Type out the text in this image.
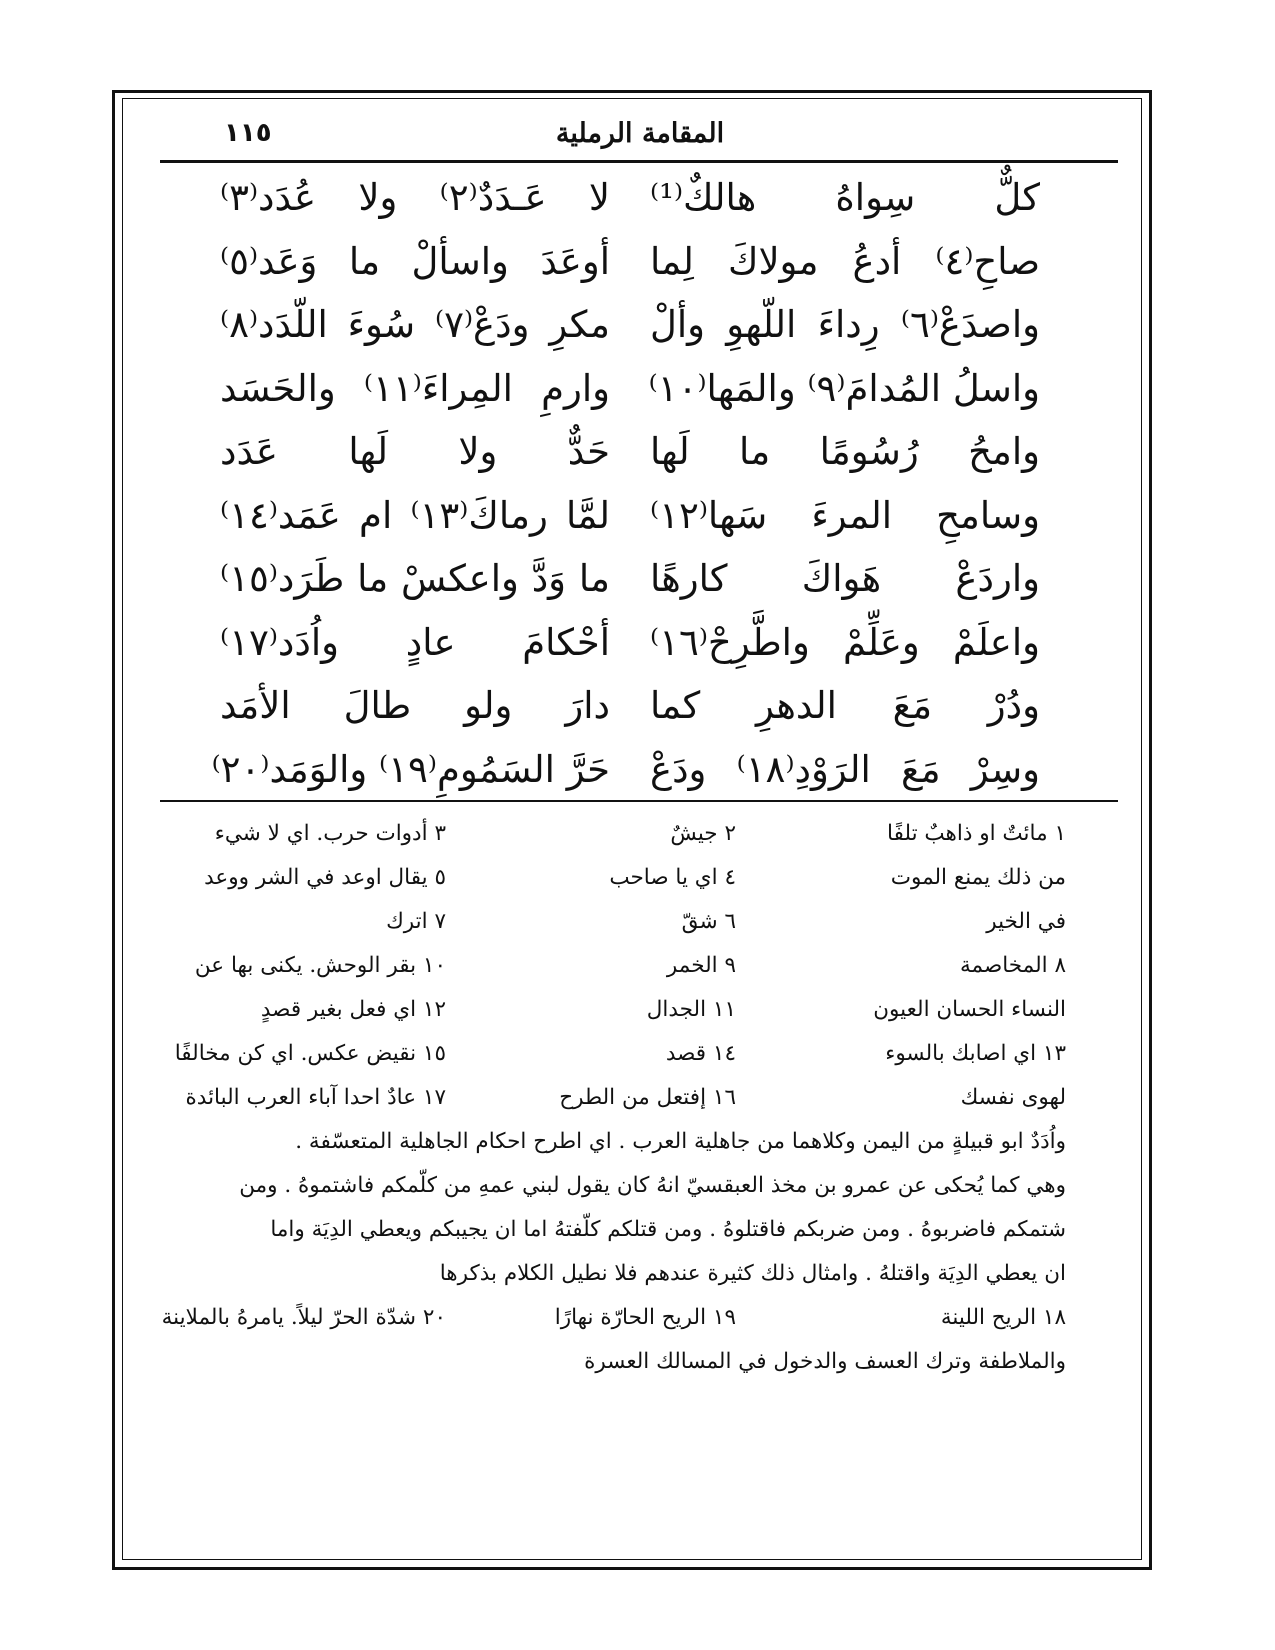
المقامة الرملية
١١٥
كلٌّ سِواهُ هالكٌ⁽¹⁾
لا عَـدَدٌ⁽٢⁾ ولا عُدَد⁽٣⁾
صاحِ⁽٤⁾ أدعُ مولاكَ لِما
أوعَدَ واسألْ ما وَعَد⁽٥⁾
واصدَعْ⁽٦⁾ رِداءَ اللّهوِ وألْ
مكرِ ودَعْ⁽٧⁾ سُوءَ اللّدَد⁽٨⁾
واسلُ المُدامَ⁽٩⁾ والمَها⁽١٠⁾
وارمِ المِراءَ⁽١١⁾ والحَسَد
وامحُ رُسُومًا ما لَها
حَدٌّ ولا لَها عَدَد
وسامحِ المرءَ سَها⁽١٢⁾
لمَّا رماكَ⁽١٣⁾ ام عَمَد⁽١٤⁾
واردَعْ هَواكَ كارهًا
ما وَدَّ واعكسْ ما طَرَد⁽١٥⁾
واعلَمْ وعَلِّمْ واطَّرِحْ⁽١٦⁾
أحْكامَ عادٍ واُدَد⁽١٧⁾
ودُرْ مَعَ الدهرِ كما
دارَ ولو طالَ الأمَد
وسِرْ مَعَ الرَوْدِ⁽١٨⁾ ودَعْ
حَرَّ السَمُومِ⁽١٩⁾ والوَمَد⁽٢٠⁾
١ مائتٌ او ذاهبٌ تلفًا
٢ جيشٌ
٣ أدوات حرب. اي لا شيء
من ذلك يمنع الموت
٤ اي يا صاحب
٥ يقال اوعد في الشر ووعد
في الخير
٦ شقّ
٧ اترك
٨ المخاصمة
٩ الخمر
١٠ بقر الوحش. يكنى بها عن
النساء الحسان العيون
١١ الجدال
١٢ اي فعل بغير قصدٍ
١٣ اي اصابك بالسوء
١٤ قصد
١٥ نقيض عكس. اي كن مخالفًا
لهوى نفسك
١٦ إفتعل من الطرح
١٧ عادٌ احدا آباء العرب البائدة
واُدَدٌ ابو قبيلةٍ من اليمن وكلاهما من جاهلية العرب . اي اطرح احكام الجاهلية المتعسّفة .
وهي كما يُحكى عن عمرو بن مخذ العبقسيّ انهُ كان يقول لبني عمهِ من كلّمكم فاشتموهُ . ومن
شتمكم فاضربوهُ . ومن ضربكم فاقتلوهُ . ومن قتلكم كلّفتهُ اما ان يجيبكم ويعطي الدِيَة واما
ان يعطي الدِيَة واقتلهُ . وامثال ذلك كثيرة عندهم فلا نطيل الكلام بذكرها
١٨ الريح اللينة
١٩ الريح الحارّة نهارًا
٢٠ شدّة الحرّ ليلاً. يامرهُ بالملاينة
والملاطفة وترك العسف والدخول في المسالك العسرة
